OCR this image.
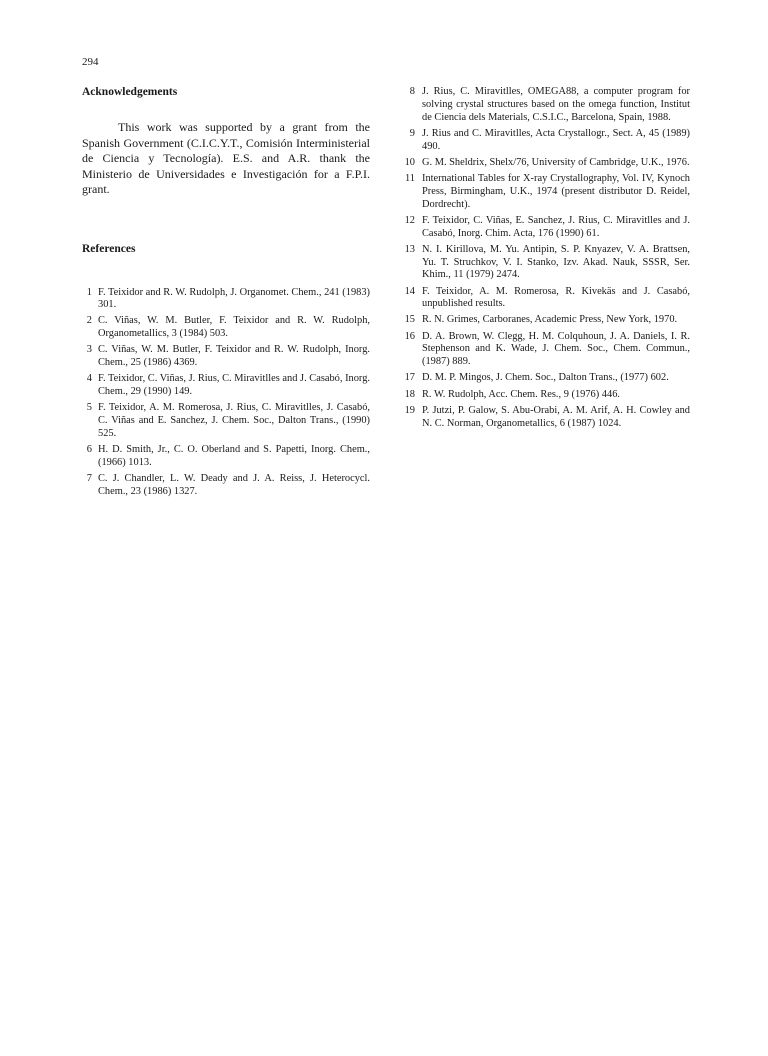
294
Acknowledgements

This work was supported by a grant from the Spanish Government (C.I.C.Y.T., Comisión Interministerial de Ciencia y Tecnología). E.S. and A.R. thank the Ministerio de Universidades e Investigación for a F.P.I. grant.

References
1 F. Teixidor and R. W. Rudolph, J. Organomet. Chem., 241 (1983) 301.
2 C. Viñas, W. M. Butler, F. Teixidor and R. W. Rudolph, Organometallics, 3 (1984) 503.
3 C. Viñas, W. M. Butler, F. Teixidor and R. W. Rudolph, Inorg. Chem., 25 (1986) 4369.
4 F. Teixidor, C. Viñas, J. Rius, C. Miravitlles and J. Casabó, Inorg. Chem., 29 (1990) 149.
5 F. Teixidor, A. M. Romerosa, J. Rius, C. Miravitlles, J. Casabó, C. Viñas and E. Sanchez, J. Chem. Soc., Dalton Trans., (1990) 525.
6 H. D. Smith, Jr., C. O. Oberland and S. Papetti, Inorg. Chem., (1966) 1013.
7 C. J. Chandler, L. W. Deady and J. A. Reiss, J. Heterocycl. Chem., 23 (1986) 1327.
8 J. Rius, C. Miravitlles, OMEGA88, a computer program for solving crystal structures based on the omega function, Institut de Ciencia dels Materials, C.S.I.C., Barcelona, Spain, 1988.
9 J. Rius and C. Miravitlles, Acta Crystallogr., Sect. A, 45 (1989) 490.
10 G. M. Sheldrix, Shelx/76, University of Cambridge, U.K., 1976.
11 International Tables for X-ray Crystallography, Vol. IV, Kynoch Press, Birmingham, U.K., 1974 (present distributor D. Reidel, Dordrecht).
12 F. Teixidor, C. Viñas, E. Sanchez, J. Rius, C. Miravitlles and J. Casabó, Inorg. Chim. Acta, 176 (1990) 61.
13 N. I. Kirillova, M. Yu. Antipin, S. P. Knyazev, V. A. Brattsen, Yu. T. Struchkov, V. I. Stanko, Izv. Akad. Nauk, SSSR, Ser. Khim., 11 (1979) 2474.
14 F. Teixidor, A. M. Romerosa, R. Kivekäs and J. Casabó, unpublished results.
15 R. N. Grimes, Carboranes, Academic Press, New York, 1970.
16 D. A. Brown, W. Clegg, H. M. Colquhoun, J. A. Daniels, I. R. Stephenson and K. Wade, J. Chem. Soc., Chem. Commun., (1987) 889.
17 D. M. P. Mingos, J. Chem. Soc., Dalton Trans., (1977) 602.
18 R. W. Rudolph, Acc. Chem. Res., 9 (1976) 446.
19 P. Jutzi, P. Galow, S. Abu-Orabi, A. M. Arif, A. H. Cowley and N. C. Norman, Organometallics, 6 (1987) 1024.
